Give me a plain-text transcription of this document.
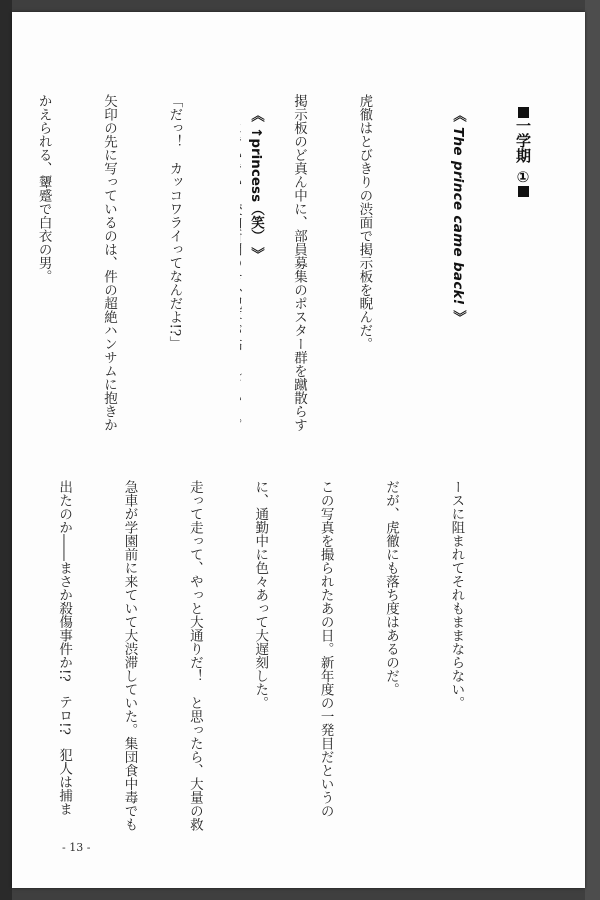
一学期 ①

《 The prince came back! 》

虎徹はとびきりの渋面で掲示板を睨んだ。

掲示板のど真ん中に、部員募集のポスター群を蹴散らす

《 ↑princess（笑） 》

「だっ！　カッコワライってなんだよ!?」

矢印の先に写っているのは、件の超絶ハンサムに抱きか

かえられる、顰蹙で白衣の男。

ースに阻まれてそれもままならない。

だが、虎徹にも落ち度はあるのだ。

この写真を撮られたあの日。新年度の一発目だというの

に、通勤中に色々あって大遅刻した。

走って走って、やっと大通りだ！　と思ったら、大量の救

急車が学園前に来ていて大渋滞していた。集団食中毒でも

出たのか――まさか殺傷事件か!?　テロ!?　犯人は捕ま

- 13 -
